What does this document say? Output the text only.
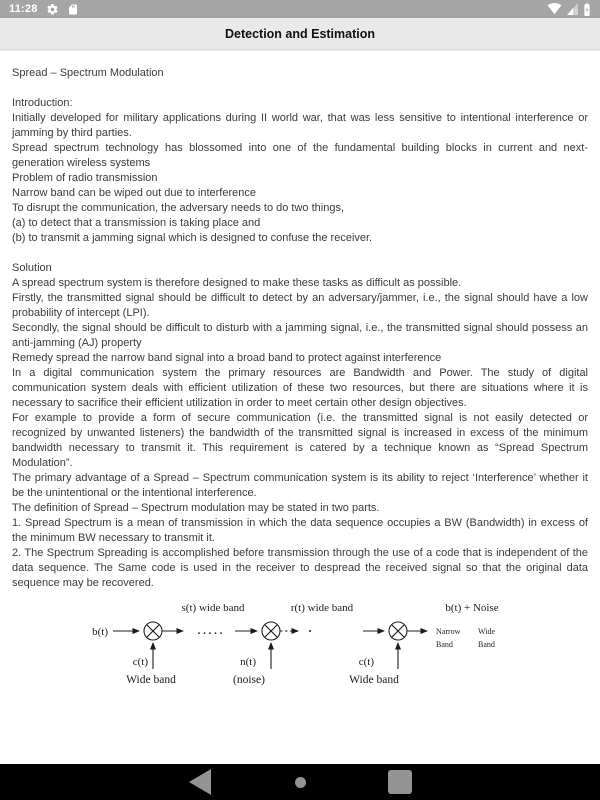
11:28
Detection and Estimation

Spread – Spectrum Modulation

Introduction:

Initially developed for military applications during II world war, that was less sensitive to intentional interference or jamming by third parties.

Spread spectrum technology has blossomed into one of the fundamental building blocks in current and next-generation wireless systems

Problem of radio transmission

Narrow band can be wiped out due to interference

To disrupt the communication, the adversary needs to do two things,

(a) to detect that a transmission is taking place and

(b) to transmit a jamming signal which is designed to confuse the receiver.

Solution

A spread spectrum system is therefore designed to make these tasks as difficult as possible.

Firstly, the transmitted signal should be difficult to detect by an adversary/jammer, i.e., the signal should have a low probability of intercept (LPI).

Secondly, the signal should be difficult to disturb with a jamming signal, i.e., the transmitted signal should possess an anti-jamming (AJ) property

Remedy spread the narrow band signal into a broad band to protect against interference

In a digital communication system the primary resources are Bandwidth and Power. The study of digital communication system deals with efficient utilization of these two resources, but there are situations where it is necessary to sacrifice their efficient utilization in order to meet certain other design objectives.

For example to provide a form of secure communication (i.e. the transmitted signal is not easily detected or recognized by unwanted listeners) the bandwidth of the transmitted signal is increased in excess of the minimum bandwidth necessary to transmit it. This requirement is catered by a technique known as “Spread Spectrum Modulation”.

The primary advantage of a Spread – Spectrum communication system is its ability to reject ‘Interference’ whether it be the unintentional or the intentional interference.

The definition of Spread – Spectrum modulation may be stated in two parts.

1. Spread Spectrum is a mean of transmission in which the data sequence occupies a BW (Bandwidth) in excess of the minimum BW necessary to transmit it.

2. The Spectrum Spreading is accomplished before transmission through the use of a code that is independent of the data sequence. The Same code is used in the receiver to despread the received signal so that the original data sequence may be recovered.

s(t) wide band	r(t) wide band	b(t) + Noise
b(t)	. . . . .	Narrow
Band
Wide
Band
c(t)	n(t)	c(t)
Wide band	(noise)	Wide band
